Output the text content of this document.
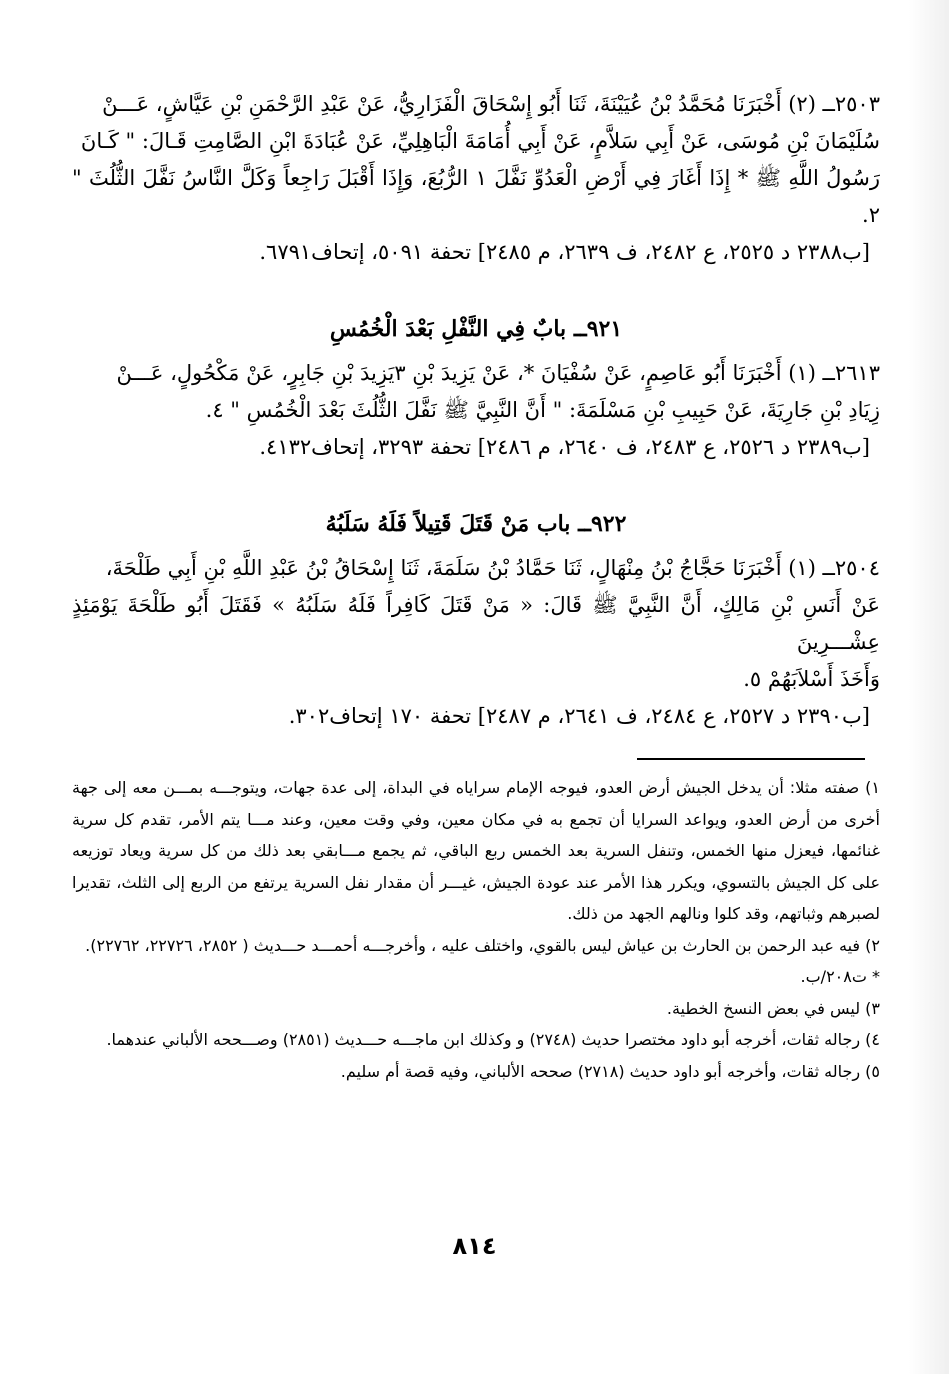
٢٥٠٣ــ (٢) أَخْبَرَنَا مُحَمَّدُ بْنُ عُيَيْنَةَ، ثَنَا أَبُو إِسْحَاقَ الْفَزَارِيُّ، عَنْ عَبْدِ الرَّحْمَنِ بْنِ عَيَّاشٍ، عَـــنْ

سُلَيْمَانَ بْنِ مُوسَى، عَنْ أَبِي سَلاَّمٍ، عَنْ أَبِي أُمَامَةَ الْبَاهِلِيِّ، عَنْ عُبَادَةَ ابْنِ الصَّامِتِ قَـالَ: " كَـانَ

رَسُولُ اللَّهِ ﷺ * إِذَا أَغَارَ فِي أَرْضِ الْعَدُوِّ نَفَّلَ ١ الرُّبُعَ، وَإِذَا أَقْبَلَ رَاجِعاً وَكَلَّ النَّاسُ نَفَّلَ الثُّلُثَ " ٢.

[ب٢٣٨٨ د ٢٥٢٥، ع ٢٤٨٢، ف ٢٦٣٩، م ٢٤٨٥] تحفة ٥٠٩١، إتحاف٦٧٩١.

٩٢١ــ بابٌ فِي النَّفْلِ بَعْدَ الْخُمُسِ

٢٦١٣ــ (١) أَخْبَرَنَا أَبُو عَاصِمٍ، عَنْ سُفْيَانَ *، عَنْ يَزِيدَ بْنِ ٣يَزِيدَ بْنِ جَابِرٍ، عَنْ مَكْحُولٍ، عَـــنْ

زِيَادِ بْنِ جَارِيَةَ، عَنْ حَبِيبِ بْنِ مَسْلَمَةَ: " أَنَّ النَّبِيَّ ﷺ نَفَّلَ الثُّلُثَ بَعْدَ الْخُمُسِ " ٤.

[ب٢٣٨٩ د ٢٥٢٦، ع ٢٤٨٣، ف ٢٦٤٠، م ٢٤٨٦] تحفة ٣٢٩٣، إتحاف٤١٣٢.

٩٢٢ــ باب مَنْ قَتَلَ قَتِيلاً فَلَهُ سَلَبُهُ

٢٥٠٤ــ (١) أَخْبَرَنَا حَجَّاجُ بْنُ مِنْهَالٍ، ثَنَا حَمَّادُ بْنُ سَلَمَةَ، ثَنَا إِسْحَاقُ بْنُ عَبْدِ اللَّهِ بْنِ أَبِي طَلْحَةَ،

عَنْ أَنَسِ بْنِ مَالِكٍ، أَنَّ النَّبِيَّ ﷺ قَالَ: « مَنْ قَتَلَ كَافِراً فَلَهُ سَلَبُهُ » فَقَتَلَ أَبُو طَلْحَةَ يَوْمَئِذٍ عِشْـــرِينَ

وَأَخَذَ أَسْلاَبَهُمْ ٥.

[ب٢٣٩٠ د ٢٥٢٧، ع ٢٤٨٤، ف ٢٦٤١، م ٢٤٨٧] تحفة ١٧٠ إتحاف٣٠٢.

١) صفته مثلا: أن يدخل الجيش أرض العدو، فيوجه الإمام سراياه في البداة، إلى عدة جهات، ويتوجـــه بمـــن معه إلى جهة أخرى من أرض العدو، ويواعد السرايا أن تجمع به في مكان معين، وفي وقت معين، وعند مـــا يتم الأمر، تقدم كل سرية غنائمها، فيعزل منها الخمس، وتنفل السرية بعد الخمس ربع الباقي، ثم يجمع مـــابقي بعد ذلك من كل سرية ويعاد توزيعه على كل الجيش بالتسوي، ويكرر هذا الأمر عند عودة الجيش، غيـــر أن مقدار نفل السرية يرتفع من الربع إلى الثلث، تقديرا لصبرهم وثباتهم، وقد كلوا ونالهم الجهد من ذلك.

٢) فيه عبد الرحمن بن الحارث بن عياش ليس بالقوي، واختلف عليه ، وأخرجـــه أحمـــد حـــديث ( ٢٨٥٢، ٢٢٧٢٦، ٢٢٧٦٢).

* ت٢٠٨/ب.

٣) ليس في بعض النسخ الخطية.

٤) رجاله ثقات، أخرجه أبو داود مختصرا حديث (٢٧٤٨) و وكذلك ابن ماجـــه حـــديث (٢٨٥١) وصـــححه الألباني عندهما.

٥) رجاله ثقات، وأخرجه أبو داود حديث (٢٧١٨) صححه الألباني، وفيه قصة أم سليم.

٨١٤
